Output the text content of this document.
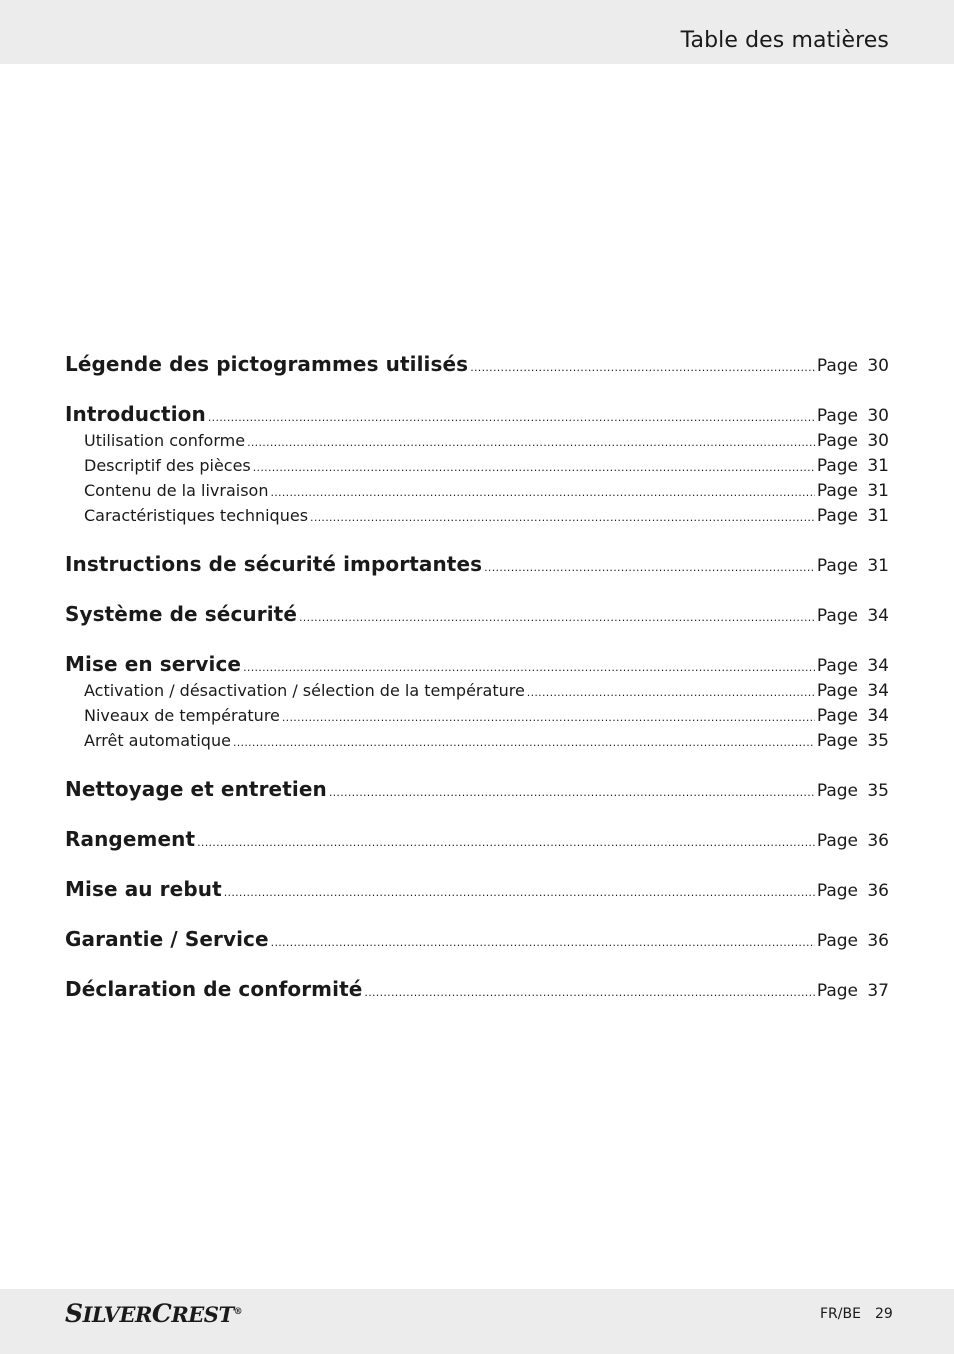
Table des matières
Légende des pictogrammes utilisés .....	Page 30
Introduction .....	Page 30
Utilisation conforme .....	Page 30
Descriptif des pièces .....	Page 31
Contenu de la livraison .....	Page 31
Caractéristiques techniques .....	Page 31
Instructions de sécurité importantes .....	Page 31
Système de sécurité .....	Page 34
Mise en service .....	Page 34
Activation / désactivation / sélection de la température .....	Page 34
Niveaux de température .....	Page 34
Arrêt automatique .....	Page 35
Nettoyage et entretien .....	Page 35
Rangement .....	Page 36
Mise au rebut .....	Page 36
Garantie / Service .....	Page 36
Déclaration de conformité .....	Page 37
SILVERCREST®	FR/BE 29
